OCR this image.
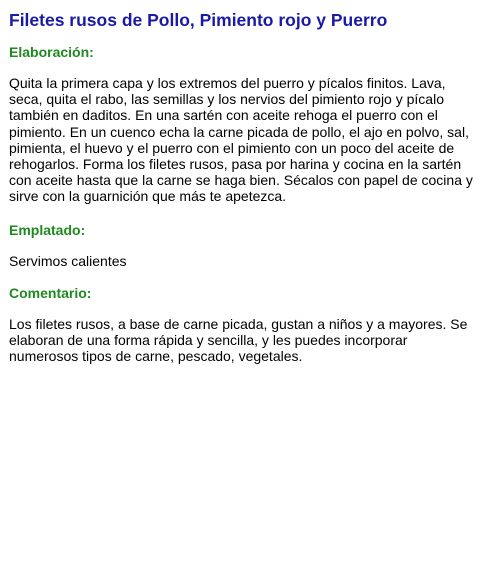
Filetes rusos de Pollo, Pimiento rojo y Puerro
Elaboración:

Quita la primera capa y los extremos del puerro y pícalos finitos. Lava, seca, quita el rabo, las semillas y los nervios del pimiento rojo y pícalo también en daditos. En una sartén con aceite rehoga el puerro con el pimiento. En un cuenco echa la carne picada de pollo, el ajo en polvo, sal, pimienta, el huevo y el puerro con el pimiento con un poco del aceite de rehogarlos. Forma los filetes rusos, pasa por harina y cocina en la sartén con aceite hasta que la carne se haga bien. Sécalos con papel de cocina y sirve con la guarnición que más te apetezca.

Emplatado:

Servimos calientes

Comentario:

Los filetes rusos, a base de carne picada, gustan a niños y a mayores. Se elaboran de una forma rápida y sencilla, y les puedes incorporar numerosos tipos de carne, pescado, vegetales.
